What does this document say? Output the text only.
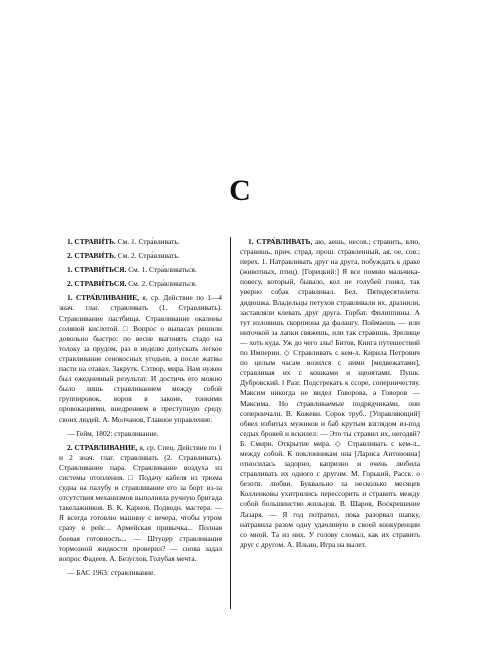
С

1. СТРАВИ́ТЬ. См. 1. Стра́вливать.

2. СТРАВИ́ТЬ. См. 2. Стра́вливать.

1. СТРАВИ́ТЬСЯ. См. 1. Стра́вливаться.

2. СТРАВИ́ТЬСЯ. См. 2. Стра́вливаться.

1. СТРА́ВЛИВАНИЕ, я, ср. Действие по 1—4 знач. глаг. стравливать (1. Стравливать). Стравливание пастбища. Стравливание окалины соляной кислотой. □ Вопрос о выпасах решили довольно быстро: по весне выгонять стадо на толоку за прудом, раз в неделю допускать легкое стравливание сенокосных угодьев, а после жатвы пасти на отавах. Закрутк. Сэтвор, мира. Нам нужен был ежедневный результат. И достичь его можно было лишь стравливанием между собой группировок, воров в законе, тонкими провокациями, внедрением в преступную среду своих людей. А. Молчанов, Главное управление.

— Гейм, 1802: стравливание.

2. СТРА́ВЛИВАНИЕ, я, ср. Спец. Действие по 1 и 2 знач. глаг. стравливать (2. Стравливать). Стравливание пара. Стравливание воздуха из системы отопления. □ Подачу кабеля из трюма судна на палубу и стравливание его за борт из-за отсутствия механизмов выполняла ручную бригада такелажников. В. К. Карнов, Подводн. мастера. — Я всегда готовлю машину с вечера, чтобы утром сразу в рейс... Армейская привычка... Полная боевая готовность... — Штуцер стравливания тормозной жидкости проверил? — снова задал вопрос Фадеев. А. Безуглов, Голубая мечта.

— БАС 1963: стравливание.

1. СТРА́ВЛИВАТЬ, аю, аешь, несов.; стравить, влю, стравишь, прич. страд. прош. стравленный, ая, ое, сов.; перех. 1. Натравливать друг на друга, побуждать к драке (животных, птиц). [Горецкий:] Я все помню мальчика-повесу, который, бывало, кол не голубей гонял, так уверно собак стравливал. Бел. Пятидесятилетн. дядюшка. Владельцы петухов стравливали их, дразнили, заставляли клевать друг друга. Горбат. Филиппины. А тут изловишь скорпиона да фалангу. Поймаешь — или ниточкой за лапки свяжешь, или так стравишь. Зрелище — хоть куда. Уж до чего злы! Битов, Книга путешествий по Империи. ◇ Стравливать с кем-л. Кирила Петрович по целым часам возился с ними [медвежатами], стравливая их с кошками и щенятами. Пушк. Дубровский. ‖ Разг. Подстрекать к ссоре, соперничеству. Максим никогда не видел Говорова, а Говоров — Максима. Но стравливаемые подрядчиками, они соперничали. В. Кожевн. Сорок труб.. [Управляющий] обвел избитых мужиков и баб крутым взглядом из-под седых бровей и вскилел: — Это ты стравил их, негодяй? Б. Смирн. Открытие мира. ◇ Стравливать с кем-л., между собой. К поклонникам она [Лариса Антоновна] относилась задорно, капризно и очень любила стравливать их одного с другим. М. Горький, Расск. о безотв. любви. Буквально за несколько месяцев Колленковы ухитрились перессорить и стравить между собой большинство жильцов. В. Шаров, Воскрешение Лазаря. — Я год потратил, пока разорвал шапку, натравила разом одну удачливую в своей конкуренции со мной. Та из них. У голову сломал, как их стравить друг с другом. А. Ильин, Игра на вылет.
